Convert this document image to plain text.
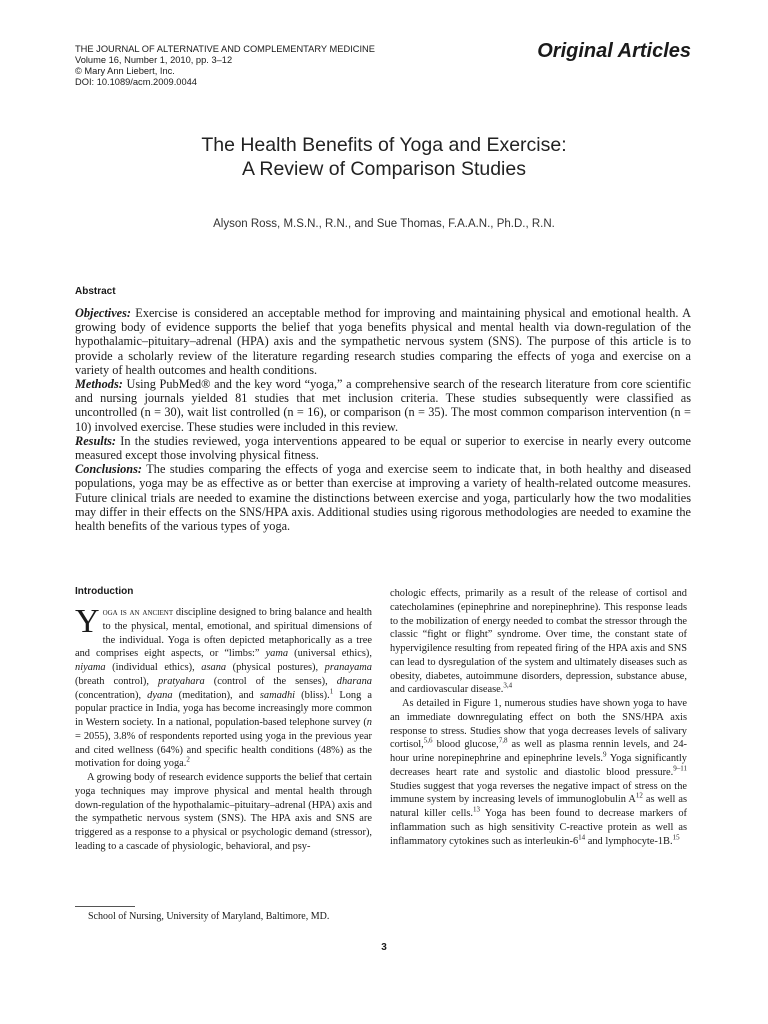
THE JOURNAL OF ALTERNATIVE AND COMPLEMENTARY MEDICINE
Volume 16, Number 1, 2010, pp. 3–12
© Mary Ann Liebert, Inc.
DOI: 10.1089/acm.2009.0044
Original Articles
The Health Benefits of Yoga and Exercise:
A Review of Comparison Studies
Alyson Ross, M.S.N., R.N., and Sue Thomas, F.A.A.N., Ph.D., R.N.
Abstract

Objectives: Exercise is considered an acceptable method for improving and maintaining physical and emotional health. A growing body of evidence supports the belief that yoga benefits physical and mental health via down-regulation of the hypothalamic–pituitary–adrenal (HPA) axis and the sympathetic nervous system (SNS). The purpose of this article is to provide a scholarly review of the literature regarding research studies comparing the effects of yoga and exercise on a variety of health outcomes and health conditions.

Methods: Using PubMed® and the key word “yoga,” a comprehensive search of the research literature from core scientific and nursing journals yielded 81 studies that met inclusion criteria. These studies subsequently were classified as uncontrolled (n = 30), wait list controlled (n = 16), or comparison (n = 35). The most common comparison intervention (n = 10) involved exercise. These studies were included in this review.

Results: In the studies reviewed, yoga interventions appeared to be equal or superior to exercise in nearly every outcome measured except those involving physical fitness.

Conclusions: The studies comparing the effects of yoga and exercise seem to indicate that, in both healthy and diseased populations, yoga may be as effective as or better than exercise at improving a variety of health-related outcome measures. Future clinical trials are needed to examine the distinctions between exercise and yoga, particularly how the two modalities may differ in their effects on the SNS/HPA axis. Additional studies using rigorous methodologies are needed to examine the health benefits of the various types of yoga.

Introduction

Yoga is an ancient discipline designed to bring balance and health to the physical, mental, emotional, and spiritual dimensions of the individual. Yoga is often depicted metaphorically as a tree and comprises eight aspects, or “limbs:” yama (universal ethics), niyama (individual ethics), asana (physical postures), pranayama (breath control), pratyahara (control of the senses), dharana (concentration), dyana (meditation), and samadhi (bliss).$^1$ Long a popular practice in India, yoga has become increasingly more common in Western society. In a national, population-based telephone survey (n = 2055), 3.8% of respondents reported using yoga in the previous year and cited wellness (64%) and specific health conditions (48%) as the motivation for doing yoga.$^2$

A growing body of research evidence supports the belief that certain yoga techniques may improve physical and mental health through down-regulation of the hypothalamic–pituitary–adrenal (HPA) axis and the sympathetic nervous system (SNS). The HPA axis and SNS are triggered as a response to a physical or psychologic demand (stressor), leading to a cascade of physiologic, behavioral, and psy-

chologic effects, primarily as a result of the release of cortisol and catecholamines (epinephrine and norepinephrine). This response leads to the mobilization of energy needed to combat the stressor through the classic “fight or flight” syndrome. Over time, the constant state of hypervigilence resulting from repeated firing of the HPA axis and SNS can lead to dysregulation of the system and ultimately diseases such as obesity, diabetes, autoimmune disorders, depression, substance abuse, and cardiovascular disease.$^{3,4}$

As detailed in Figure 1, numerous studies have shown yoga to have an immediate downregulating effect on both the SNS/HPA axis response to stress. Studies show that yoga decreases levels of salivary cortisol,$^{5,6}$ blood glucose,$^{7,8}$ as well as plasma rennin levels, and 24-hour urine norepinephrine and epinephrine levels.$^9$ Yoga significantly decreases heart rate and systolic and diastolic blood pressure.$^{9-11}$ Studies suggest that yoga reverses the negative impact of stress on the immune system by increasing levels of immunoglobulin $A^{12}$ as well as natural killer cells.$^{13}$ Yoga has been found to decrease markers of inflammation such as high sensitivity C-reactive protein as well as inflammatory cytokines such as interleukin-$6^{14}$ and lymphocyte-1B.$^{15}$

School of Nursing, University of Maryland, Baltimore, MD.
3
